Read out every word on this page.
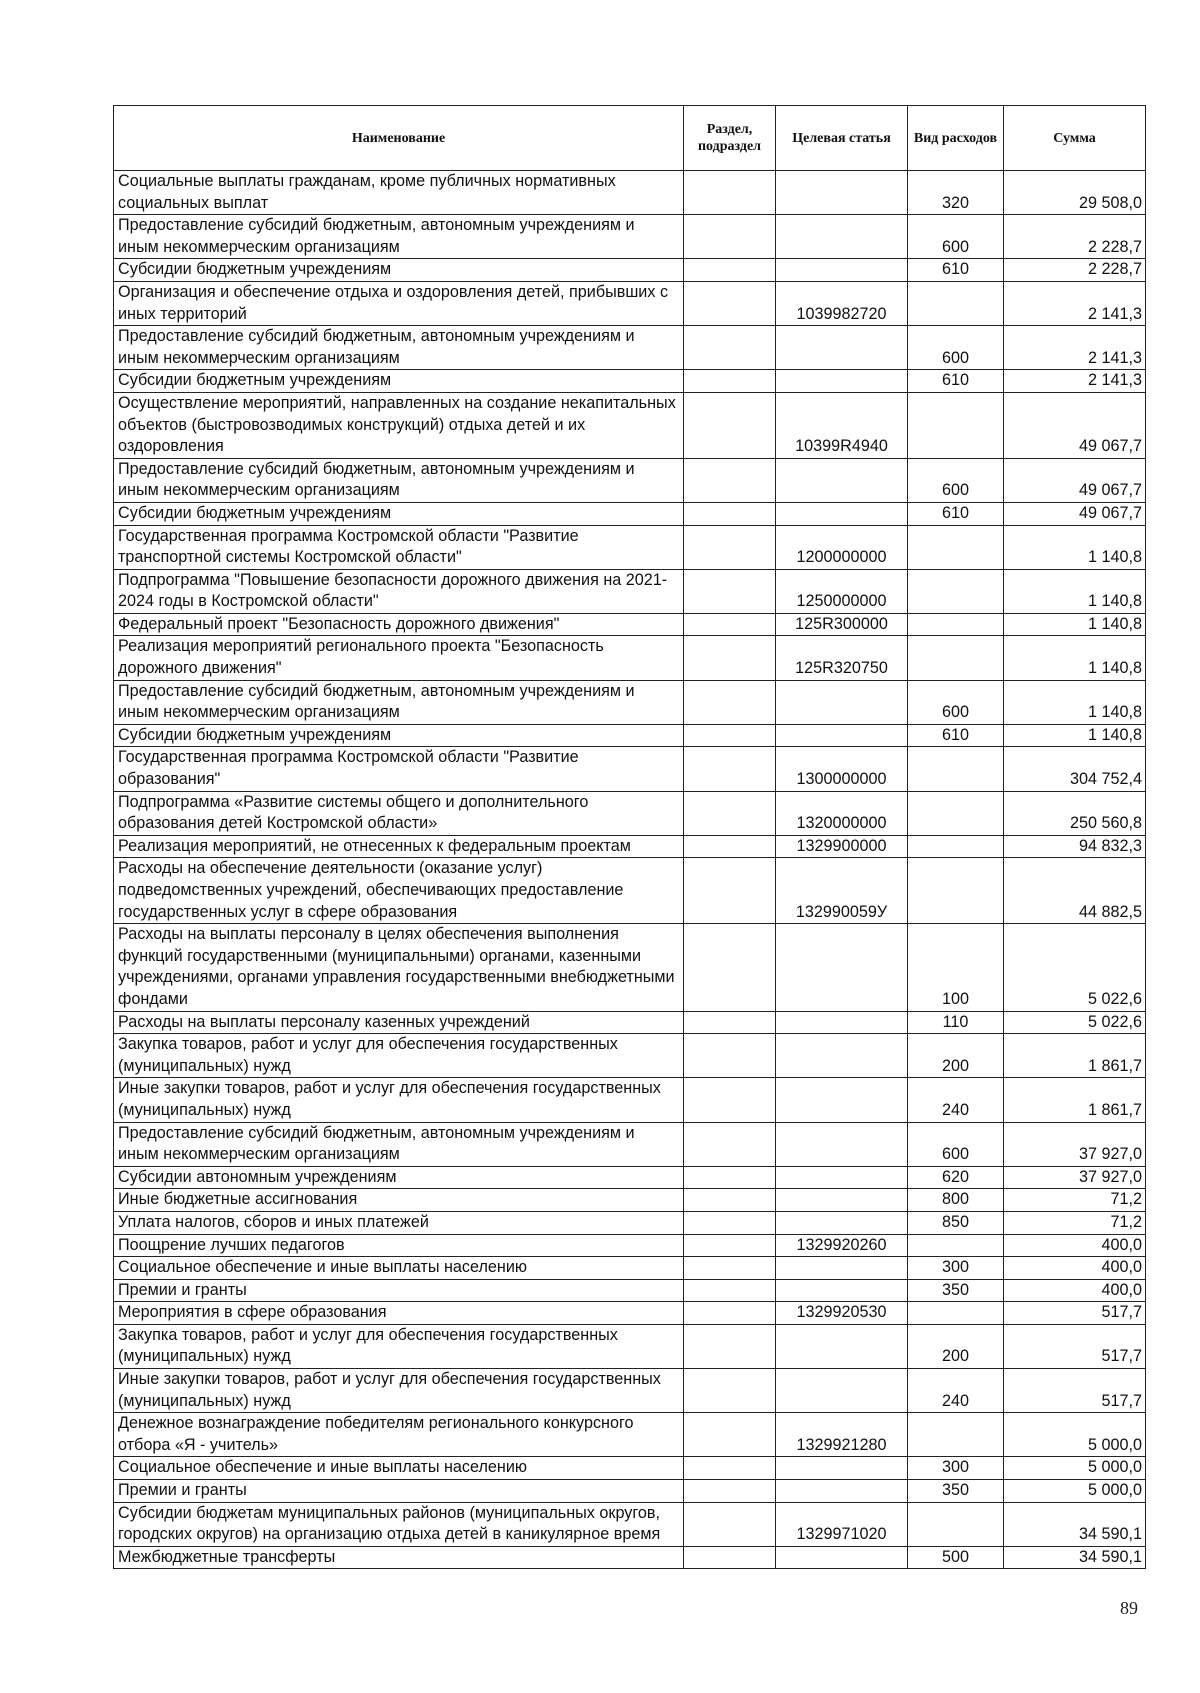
Наименование	Раздел, подраздел	Целевая статья	Вид расходов	Сумма
Социальные выплаты гражданам, кроме публичных нормативных социальных выплат			320	29 508,0
Предоставление субсидий бюджетным, автономным учреждениям и иным некоммерческим организациям			600	2 228,7
Субсидии бюджетным учреждениям			610	2 228,7
Организация и обеспечение отдыха и оздоровления детей, прибывших с иных территорий		1039982720		2 141,3
Предоставление субсидий бюджетным, автономным учреждениям и иным некоммерческим организациям			600	2 141,3
Субсидии бюджетным учреждениям			610	2 141,3
Осуществление мероприятий, направленных на создание некапитальных объектов (быстровозводимых конструкций) отдыха детей и их оздоровления		10399R4940		49 067,7
Предоставление субсидий бюджетным, автономным учреждениям и иным некоммерческим организациям			600	49 067,7
Субсидии бюджетным учреждениям			610	49 067,7
Государственная программа Костромской области "Развитие транспортной системы Костромской области"		1200000000		1 140,8
Подпрограмма "Повышение безопасности дорожного движения на 2021-2024 годы в Костромской области"		1250000000		1 140,8
Федеральный проект "Безопасность дорожного движения"		125R300000		1 140,8
Реализация мероприятий регионального проекта "Безопасность дорожного движения"		125R320750		1 140,8
Предоставление субсидий бюджетным, автономным учреждениям и иным некоммерческим организациям			600	1 140,8
Субсидии бюджетным учреждениям			610	1 140,8
Государственная программа Костромской области "Развитие образования"		1300000000		304 752,4
Подпрограмма «Развитие системы общего и дополнительного образования детей Костромской области»		1320000000		250 560,8
Реализация мероприятий, не отнесенных к федеральным проектам		1329900000		94 832,3
Расходы на обеспечение деятельности (оказание услуг) подведомственных учреждений, обеспечивающих предоставление государственных услуг в сфере образования		132990059У		44 882,5
Расходы на выплаты персоналу в целях обеспечения выполнения функций государственными (муниципальными) органами, казенными учреждениями, органами управления государственными внебюджетными фондами			100	5 022,6
Расходы на выплаты персоналу казенных учреждений			110	5 022,6
Закупка товаров, работ и услуг для обеспечения государственных (муниципальных) нужд			200	1 861,7
Иные закупки товаров, работ и услуг для обеспечения государственных (муниципальных) нужд			240	1 861,7
Предоставление субсидий бюджетным, автономным учреждениям и иным некоммерческим организациям			600	37 927,0
Субсидии автономным учреждениям			620	37 927,0
Иные бюджетные ассигнования			800	71,2
Уплата налогов, сборов и иных платежей			850	71,2
Поощрение лучших педагогов		1329920260		400,0
Социальное обеспечение и иные выплаты населению			300	400,0
Премии и гранты			350	400,0
Мероприятия в сфере образования		1329920530		517,7
Закупка товаров, работ и услуг для обеспечения государственных (муниципальных) нужд			200	517,7
Иные закупки товаров, работ и услуг для обеспечения государственных (муниципальных) нужд			240	517,7
Денежное вознаграждение победителям регионального конкурсного отбора «Я - учитель»		1329921280		5 000,0
Социальное обеспечение и иные выплаты населению			300	5 000,0
Премии и гранты			350	5 000,0
Субсидии бюджетам муниципальных районов (муниципальных округов, городских округов) на организацию отдыха детей в каникулярное время		1329971020		34 590,1
Межбюджетные трансферты			500	34 590,1
89
